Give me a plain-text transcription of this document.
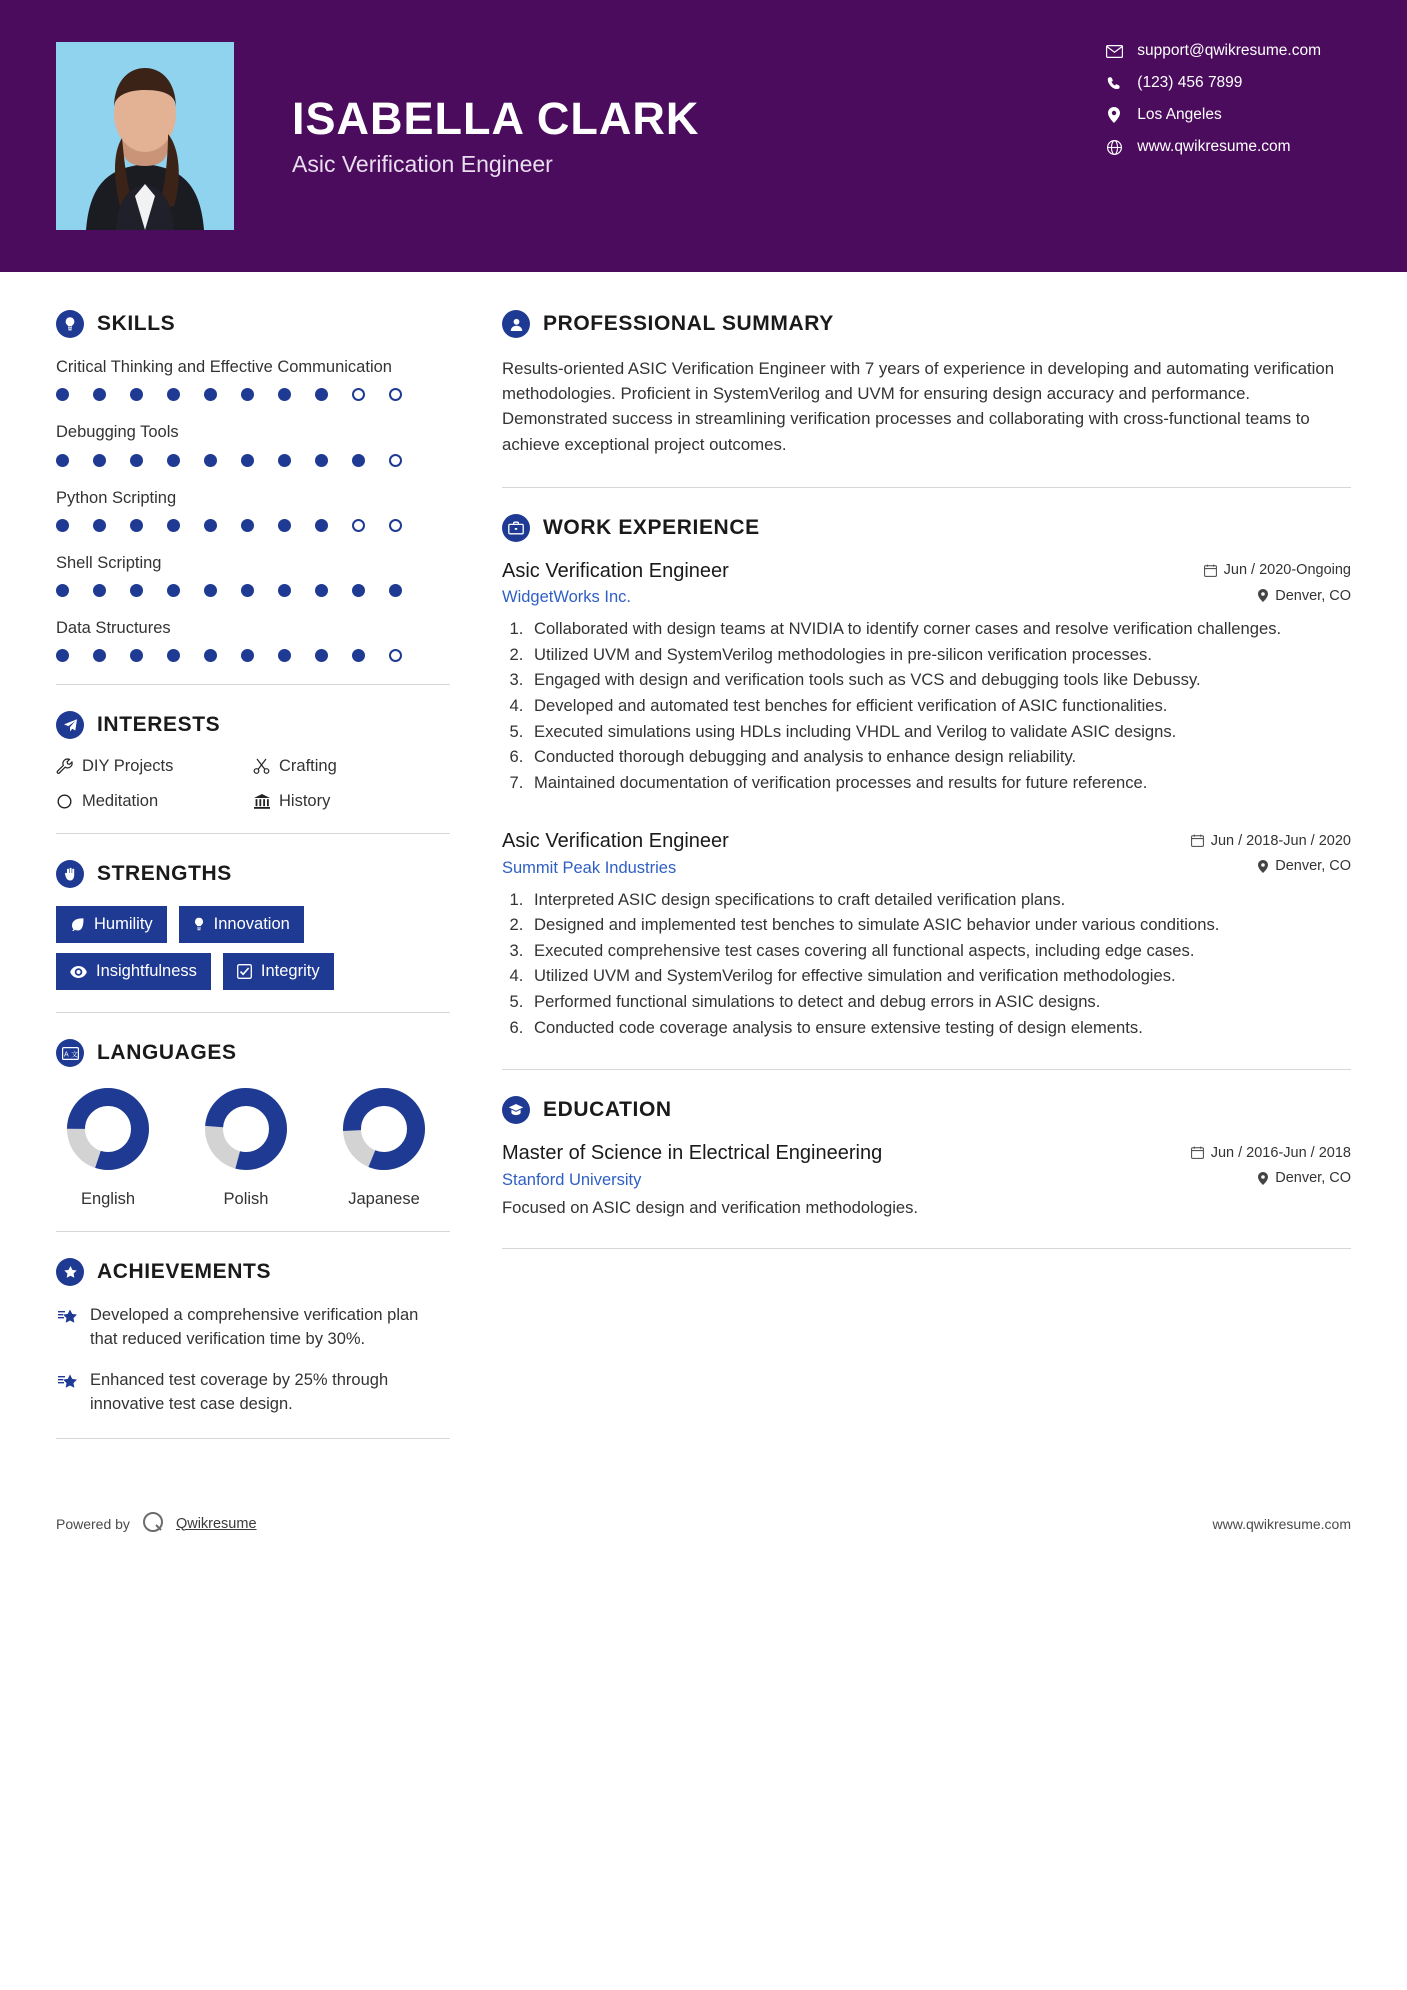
ISABELLA CLARK
Asic Verification Engineer
support@qwikresume.com
(123) 456 7899
Los Angeles
www.qwikresume.com
SKILLS
Critical Thinking and Effective Communication
Debugging Tools
Python Scripting
Shell Scripting
Data Structures
INTERESTS
DIY Projects	Crafting
Meditation	History
STRENGTHS
Humility	Innovation
Insightfulness	Integrity
A 文 LANGUAGES
English	Polish	Japanese
ACHIEVEMENTS
Developed a comprehensive verification plan that reduced verification time by 30%.
Enhanced test coverage by 25% through innovative test case design.
PROFESSIONAL SUMMARY
Results-oriented ASIC Verification Engineer with 7 years of experience in developing and automating verification methodologies. Proficient in SystemVerilog and UVM for ensuring design accuracy and performance. Demonstrated success in streamlining verification processes and collaborating with cross-functional teams to achieve exceptional project outcomes.
WORK EXPERIENCE
Asic Verification Engineer	Jun / 2020-Ongoing
WidgetWorks Inc.	Denver, CO
1. Collaborated with design teams at NVIDIA to identify corner cases and resolve verification challenges.
2. Utilized UVM and SystemVerilog methodologies in pre-silicon verification processes.
3. Engaged with design and verification tools such as VCS and debugging tools like Debussy.
4. Developed and automated test benches for efficient verification of ASIC functionalities.
5. Executed simulations using HDLs including VHDL and Verilog to validate ASIC designs.
6. Conducted thorough debugging and analysis to enhance design reliability.
7. Maintained documentation of verification processes and results for future reference.
Asic Verification Engineer	Jun / 2018-Jun / 2020
Summit Peak Industries	Denver, CO
1. Interpreted ASIC design specifications to craft detailed verification plans.
2. Designed and implemented test benches to simulate ASIC behavior under various conditions.
3. Executed comprehensive test cases covering all functional aspects, including edge cases.
4. Utilized UVM and SystemVerilog for effective simulation and verification methodologies.
5. Performed functional simulations to detect and debug errors in ASIC designs.
6. Conducted code coverage analysis to ensure extensive testing of design elements.
EDUCATION
Master of Science in Electrical Engineering	Jun / 2016-Jun / 2018
Stanford University	Denver, CO
Focused on ASIC design and verification methodologies.
Powered by	Qwikresume	www.qwikresume.com
